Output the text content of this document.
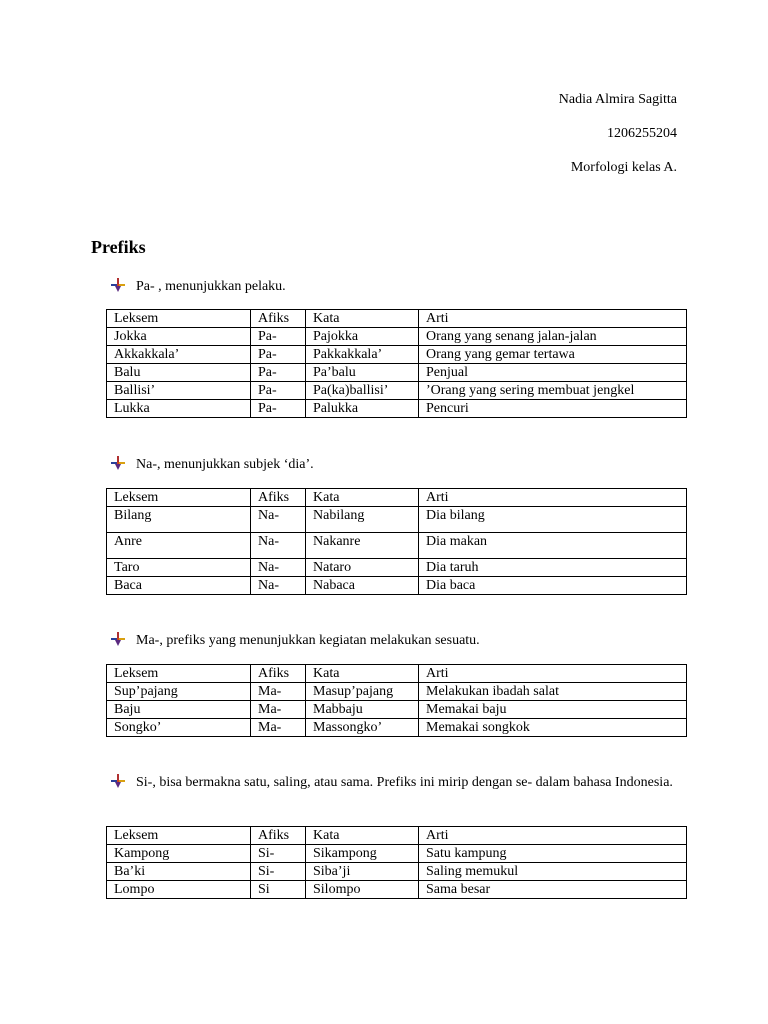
Nadia Almira Sagitta
1206255204
Morfologi kelas A.
Prefiks
Pa- , menunjukkan pelaku.
Leksem	Afiks	Kata	Arti
Jokka	Pa-	Pajokka	Orang yang senang jalan-jalan
Akkakkala’	Pa-	Pakkakkala’	Orang yang gemar tertawa
Balu	Pa-	Pa’balu	Penjual
Ballisi’	Pa-	Pa(ka)ballisi’	’Orang yang sering membuat jengkel
Lukka	Pa-	Palukka	Pencuri
Na-, menunjukkan subjek ‘dia’.
Leksem	Afiks	Kata	Arti
Bilang	Na-	Nabilang	Dia bilang
Anre	Na-	Nakanre	Dia makan
Taro	Na-	Nataro	Dia taruh
Baca	Na-	Nabaca	Dia baca
Ma-, prefiks yang menunjukkan kegiatan melakukan sesuatu.
Leksem	Afiks	Kata	Arti
Sup’pajang	Ma-	Masup’pajang	Melakukan ibadah salat
Baju	Ma-	Mabbaju	Memakai baju
Songko’	Ma-	Massongko’	Memakai songkok
Si-, bisa bermakna satu, saling, atau sama. Prefiks ini mirip dengan se- dalam bahasa Indonesia.
Leksem	Afiks	Kata	Arti
Kampong	Si-	Sikampong	Satu kampung
Ba’ki	Si-	Siba’ji	Saling memukul
Lompo	Si	Silompo	Sama besar
